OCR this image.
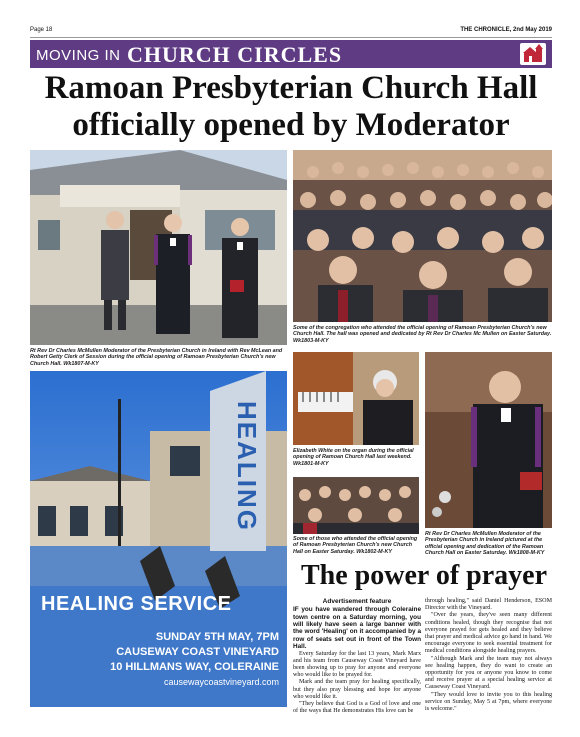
Page 18	THE CHRONICLE, 2nd May 2019
MOVING IN CHURCH CIRCLES
Ramoan Presbyterian Church Hall
officially opened by Moderator
Rt Rev Dr Charles McMullen Moderator of the Presbyterian Church in Ireland with Rev McLean and Robert Getty Clerk of Session during the official opening of Ramoan Presbyterian Church's new Church Hall. Wk1807-M-KY
Some of the congregation who attended the official opening of Ramoan Presbyterian Church's new Church Hall. The hall was opened and dedicated by Rt Rev Dr Charles Mc Mullen on Easter Saturday. Wk1803-M-KY
HEALING
HEALING SERVICE
SUNDAY 5TH MAY, 7PM
CAUSEWAY COAST VINEYARD
10 HILLMANS WAY, COLERAINE
causewaycoastvineyard.com
Elizabeth White on the organ during the official opening of Ramoan Church Hall last weekend. Wk1801-M-KY
Some of those who attended the official opening of Ramoan Presbyterian Church's new Church Hall on Easter Saturday. Wk1802-M-KY
Rt Rev Dr Charles McMullen Moderator of the Presbyterian Church in Ireland pictured at the official opening and dedication of the Ramoan Church Hall on Easter Saturday. Wk1808-M-KY
The power of prayer

Advertisement feature

IF you have wandered through Coleraine town centre on a Saturday morning, you will likely have seen a large banner with the word 'Healing' on it accompanied by a row of seats set out in front of the Town Hall.

Every Saturday for the last 13 years, Mark Marx and his team from Causeway Coast Vineyard have been showing up to pray for anyone and everyone who would like to be prayed for.

Mark and the team pray for healing specifically, but they also pray blessing and hope for anyone who would like it.

"They believe that God is a God of love and one of the ways that He demonstrates His love can be

through healing," said Daniel Henderson, ESOM Director with the Vineyard.

"Over the years, they've seen many different conditions healed, though they recognise that not everyone prayed for gets healed and they believe that prayer and medical advice go hand in hand. We encourage everyone to seek essential treatment for medical conditions alongside healing prayers.

"Although Mark and the team may not always see healing happen, they do want to create an opportunity for you or anyone you know to come and receive prayer at a special healing service at Causeway Coast Vineyard.

"They would love to invite you to this healing service on Sunday, May 5 at 7pm, where everyone is welcome."
